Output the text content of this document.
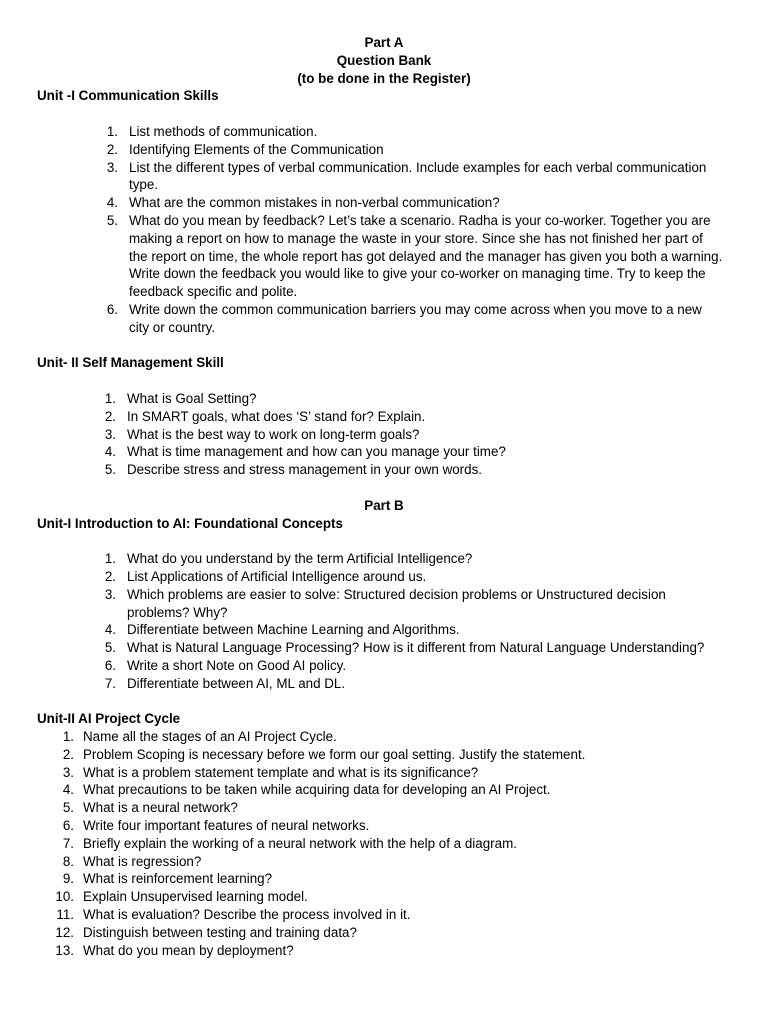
Part A
Question Bank
(to be done in the Register)
Unit -I Communication Skills
1. List methods of communication.
2. Identifying Elements of the Communication
3. List the different types of verbal communication. Include examples for each verbal communication type.
4. What are the common mistakes in non-verbal communication?
5. What do you mean by feedback? Let’s take a scenario. Radha is your co-worker. Together you are making a report on how to manage the waste in your store. Since she has not finished her part of the report on time, the whole report has got delayed and the manager has given you both a warning. Write down the feedback you would like to give your co-worker on managing time. Try to keep the feedback specific and polite.
6. Write down the common communication barriers you may come across when you move to a new city or country.
Unit- II Self Management Skill
1. What is Goal Setting?
2. In SMART goals, what does ‘S’ stand for? Explain.
3. What is the best way to work on long-term goals?
4. What is time management and how can you manage your time?
5. Describe stress and stress management in your own words.
Part B
Unit-I Introduction to AI: Foundational Concepts
1. What do you understand by the term Artificial Intelligence?
2. List Applications of Artificial Intelligence around us.
3. Which problems are easier to solve: Structured decision problems or Unstructured decision problems? Why?
4. Differentiate between Machine Learning and Algorithms.
5. What is Natural Language Processing? How is it different from Natural Language Understanding?
6. Write a short Note on Good AI policy.
7. Differentiate between AI, ML and DL.
Unit-II AI Project Cycle
1. Name all the stages of an AI Project Cycle.
2. Problem Scoping is necessary before we form our goal setting. Justify the statement.
3. What is a problem statement template and what is its significance?
4. What precautions to be taken while acquiring data for developing an AI Project.
5. What is a neural network?
6. Write four important features of neural networks.
7. Briefly explain the working of a neural network with the help of a diagram.
8. What is regression?
9. What is reinforcement learning?
10. Explain Unsupervised learning model.
11. What is evaluation? Describe the process involved in it.
12. Distinguish between testing and training data?
13. What do you mean by deployment?
